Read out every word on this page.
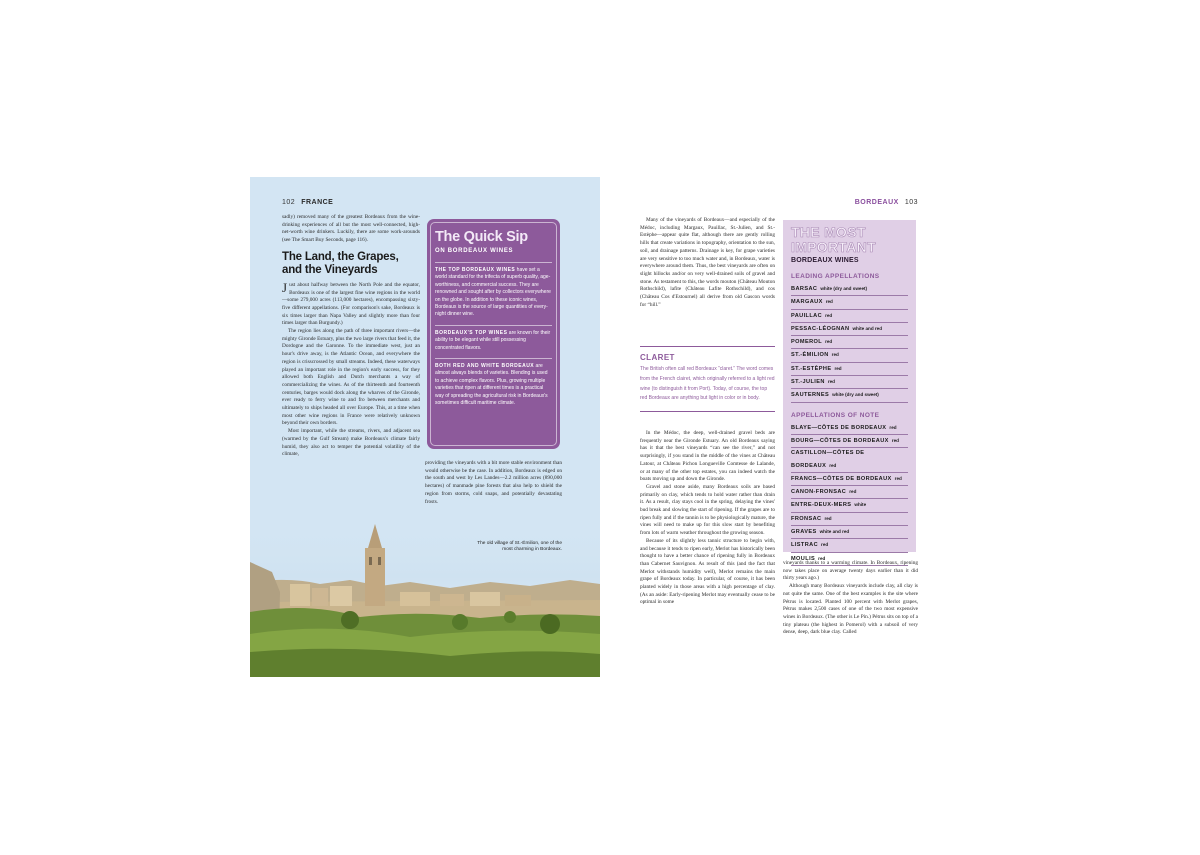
102 FRANCE

sadly) removed many of the greatest Bordeaux from the wine-drinking experiences of all but the most well-connected, high-net-worth wine drinkers. Luckily, there are some work-arounds (see The Smart Buy Seconds, page 116).

The Land, the Grapes,
and the Vineyards

Just about halfway between the North Pole and the equator, Bordeaux is one of the largest fine wine regions in the world—some 279,000 acres (113,000 hectares), encompassing sixty-five different appellations. (For comparison's sake, Bordeaux is six times larger than Napa Valley and slightly more than four times larger than Burgundy.)

The region lies along the path of three important rivers—the mighty Gironde Estuary, plus the two large rivers that feed it, the Dordogne and the Garonne. To the immediate west, just an hour's drive away, is the Atlantic Ocean, and everywhere the region is crisscrossed by small streams. Indeed, these waterways played an important role in the region's early success, for they allowed both English and Dutch merchants a way of commercializing the wines. As of the thirteenth and fourteenth centuries, barges would dock along the wharves of the Gironde, ever ready to ferry wine to and fro between merchants and ultimately to ships headed all over Europe. This, at a time when most other wine regions in France were relatively unknown beyond their own borders.

Most important, while the streams, rivers, and adjacent sea (warmed by the Gulf Stream) make Bordeaux's climate fairly humid, they also act to temper the potential volatility of the climate,

providing the vineyards with a bit more stable environment than would otherwise be the case. In addition, Bordeaux is edged on the south and west by Les Landes—2.2 million acres (890,000 hectares) of manmade pine forests that also help to shield the region from storms, cold snaps, and potentially devastating frosts.

The old village of St.-Émilion, one of the most charming in Bordeaux.
The Quick Sip
ON BORDEAUX WINES
THE TOP BORDEAUX WINES have set a world standard for the trifecta of superb quality, age-worthiness, and commercial success. They are renowned and sought after by collectors everywhere on the globe. In addition to these iconic wines, Bordeaux is the source of large quantities of every-night dinner wine.
BORDEAUX'S TOP WINES are known for their ability to be elegant while still possessing concentrated flavors.
BOTH RED AND WHITE BORDEAUX are almost always blends of varieties. Blending is used to achieve complex flavors. Plus, growing multiple varieties that ripen at different times is a practical way of spreading the agricultural risk in Bordeaux's sometimes difficult maritime climate.
BORDEAUX 103

Many of the vineyards of Bordeaux—and especially of the Médoc, including Margaux, Pauillac, St.-Julien, and St.-Estèphe—appear quite flat, although there are gently rolling hills that create variations in topography, orientation to the sun, soil, and drainage patterns. Drainage is key, for grape varieties are very sensitive to too much water and, in Bordeaux, water is everywhere around them. Thus, the best vineyards are often on slight hillocks and/or on very well-drained soils of gravel and stone. As testament to this, the words mouton (Château Mouton Rothschild), lafite (Château Lafite Rothschild), and cos (Château Cos d'Estournel) all derive from old Gascon words for “hill.”

CLARET
The British often call red Bordeaux “claret.” The word comes from the French clairet, which originally referred to a light red wine (to distinguish it from Port). Today, of course, the top red Bordeaux are anything but light in color or in body.

In the Médoc, the deep, well-drained gravel beds are frequently near the Gironde Estuary. An old Bordeaux saying has it that the best vineyards “can see the river,” and not surprisingly, if you stand in the middle of the vines at Château Latour, at Château Pichon Longueville Comtesse de Lalande, or at many of the other top estates, you can indeed watch the boats moving up and down the Gironde.

Gravel and stone aside, many Bordeaux soils are based primarily on clay, which tends to hold water rather than drain it. As a result, clay stays cool in the spring, delaying the vines' bud break and slowing the start of ripening. If the grapes are to ripen fully and if the tannin is to be physiologically mature, the vines will need to make up for this slow start by benefiting from lots of warm weather throughout the growing season.

Because of its slightly less tannic structure to begin with, and because it tends to ripen early, Merlot has historically been thought to have a better chance of ripening fully in Bordeaux than Cabernet Sauvignon. As result of this (and the fact that Merlot withstands humidity well), Merlot remains the main grape of Bordeaux today. In particular, of course, it has been planted widely in those areas with a high percentage of clay. (As an aside: Early-ripening Merlot may eventually cease to be optimal in some

vineyards thanks to a warming climate. In Bordeaux, ripening now takes place on average twenty days earlier than it did thirty years ago.)

Although many Bordeaux vineyards include clay, all clay is not quite the same. One of the best examples is the site where Pétrus is located. Planted 100 percent with Merlot grapes, Pétrus makes 2,500 cases of one of the two most expensive wines in Bordeaux. (The other is Le Pin.) Pétrus sits on top of a tiny plateau (the highest in Pomerol) with a subsoil of very dense, deep, dark blue clay. Called

THE MOST
IMPORTANT
BORDEAUX WINES
LEADING APPELLATIONS
BARSAC white (dry and sweet)
MARGAUX red
PAUILLAC red
PESSAC-LÉOGNAN white and red
POMEROL red
ST.-ÉMILION red
ST.-ESTÈPHE red
ST.-JULIEN red
SAUTERNES white (dry and sweet)
APPELLATIONS OF NOTE
BLAYE—CÔTES DE BORDEAUX red
BOURG—CÔTES DE BORDEAUX red
CASTILLON—CÔTES DE BORDEAUX red
FRANCS—CÔTES DE BORDEAUX red
CANON-FRONSAC red
ENTRE-DEUX-MERS white
FRONSAC red
GRAVES white and red
LISTRAC red
MOULIS red
